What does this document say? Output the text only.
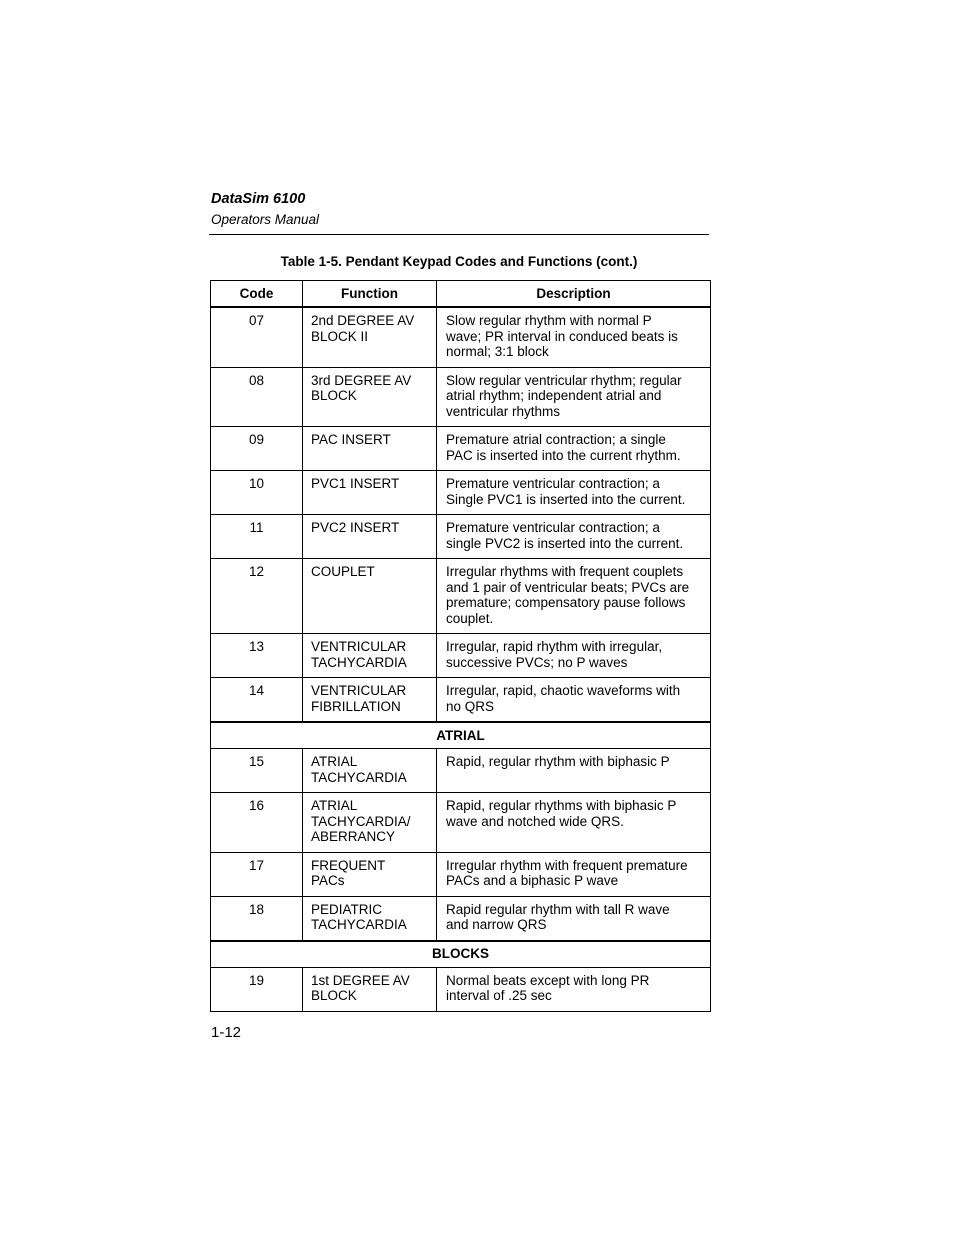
DataSim 6100
Operators Manual
Table 1-5. Pendant Keypad Codes and Functions (cont.)
Code	Function	Description
07	2nd DEGREE AV
BLOCK II	Slow regular rhythm with normal P
wave; PR interval in conduced beats is
normal; 3:1 block
08	3rd DEGREE AV
BLOCK	Slow regular ventricular rhythm; regular
atrial rhythm; independent atrial and
ventricular rhythms
09	PAC INSERT	Premature atrial contraction; a single
PAC is inserted into the current rhythm.
10	PVC1 INSERT	Premature ventricular contraction; a
Single PVC1 is inserted into the current.
11	PVC2 INSERT	Premature ventricular contraction; a
single PVC2 is inserted into the current.
12	COUPLET	Irregular rhythms with frequent couplets
and 1 pair of ventricular beats; PVCs are
premature; compensatory pause follows
couplet.
13	VENTRICULAR
TACHYCARDIA	Irregular, rapid rhythm with irregular,
successive PVCs; no P waves
14	VENTRICULAR
FIBRILLATION	Irregular, rapid, chaotic waveforms with
no QRS
ATRIAL		
15	ATRIAL
TACHYCARDIA	Rapid, regular rhythm with biphasic P
16	ATRIAL
TACHYCARDIA/
ABERRANCY	Rapid, regular rhythms with biphasic P
wave and notched wide QRS.
17	FREQUENT
PACs	Irregular rhythm with frequent premature
PACs and a biphasic P wave
18	PEDIATRIC
TACHYCARDIA	Rapid regular rhythm with tall R wave
and narrow QRS
BLOCKS		
19	1st DEGREE AV
BLOCK	Normal beats except with long PR
interval of .25 sec
1-12
